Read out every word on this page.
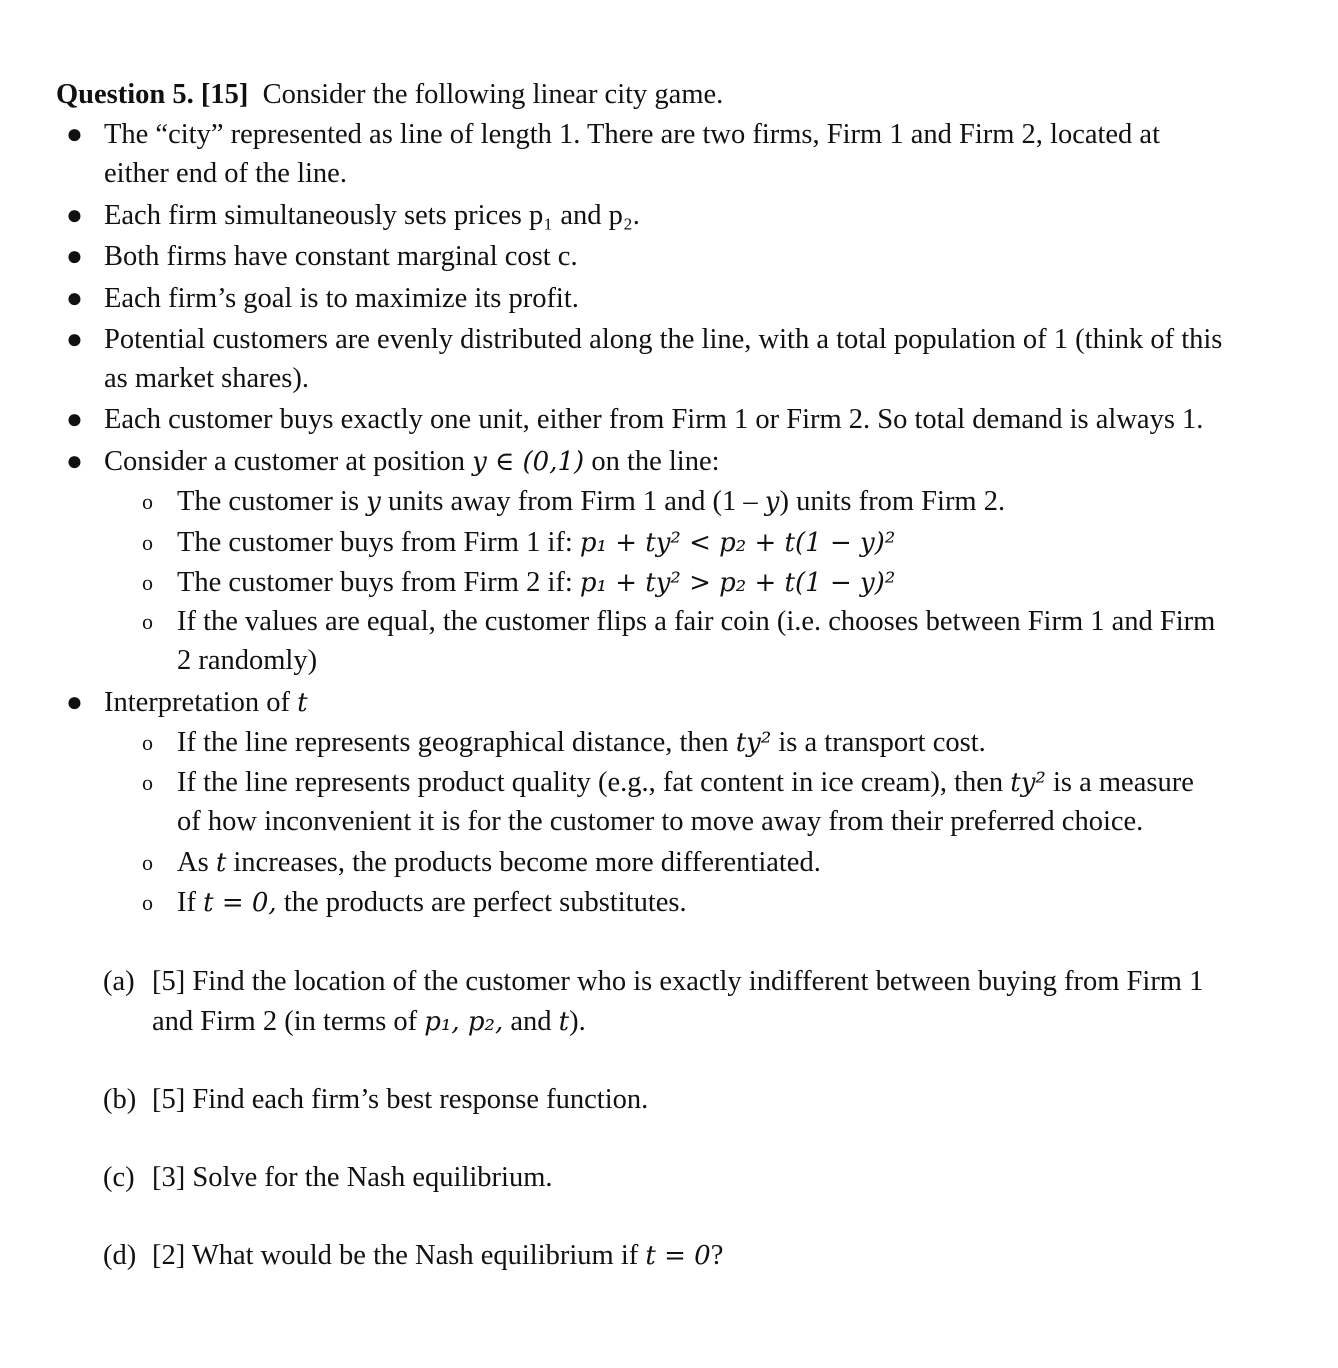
Question 5. [15] Consider the following linear city game.
● The “city” represented as line of length 1. There are two firms, Firm 1 and Firm 2, located at
either end of the line.
● Each firm simultaneously sets prices p₁ and p₂.
● Both firms have constant marginal cost c.
● Each firm’s goal is to maximize its profit.
● Potential customers are evenly distributed along the line, with a total population of 1 (think of this
as market shares).
● Each customer buys exactly one unit, either from Firm 1 or Firm 2. So total demand is always 1.
● Consider a customer at position y ∈ (0,1) on the line:
o The customer is y units away from Firm 1 and (1 – y) units from Firm 2.
o The customer buys from Firm 1 if: p₁ + ty² < p₂ + t(1 − y)²
o The customer buys from Firm 2 if: p₁ + ty² > p₂ + t(1 − y)²
o If the values are equal, the customer flips a fair coin (i.e. chooses between Firm 1 and Firm
2 randomly)
● Interpretation of t
o If the line represents geographical distance, then ty² is a transport cost.
o If the line represents product quality (e.g., fat content in ice cream), then ty² is a measure
of how inconvenient it is for the customer to move away from their preferred choice.
o As t increases, the products become more differentiated.
o If t = 0, the products are perfect substitutes.
(a) [5] Find the location of the customer who is exactly indifferent between buying from Firm 1
and Firm 2 (in terms of p₁, p₂, and t).
(b) [5] Find each firm’s best response function.
(c) [3] Solve for the Nash equilibrium.
(d) [2] What would be the Nash equilibrium if t = 0?
